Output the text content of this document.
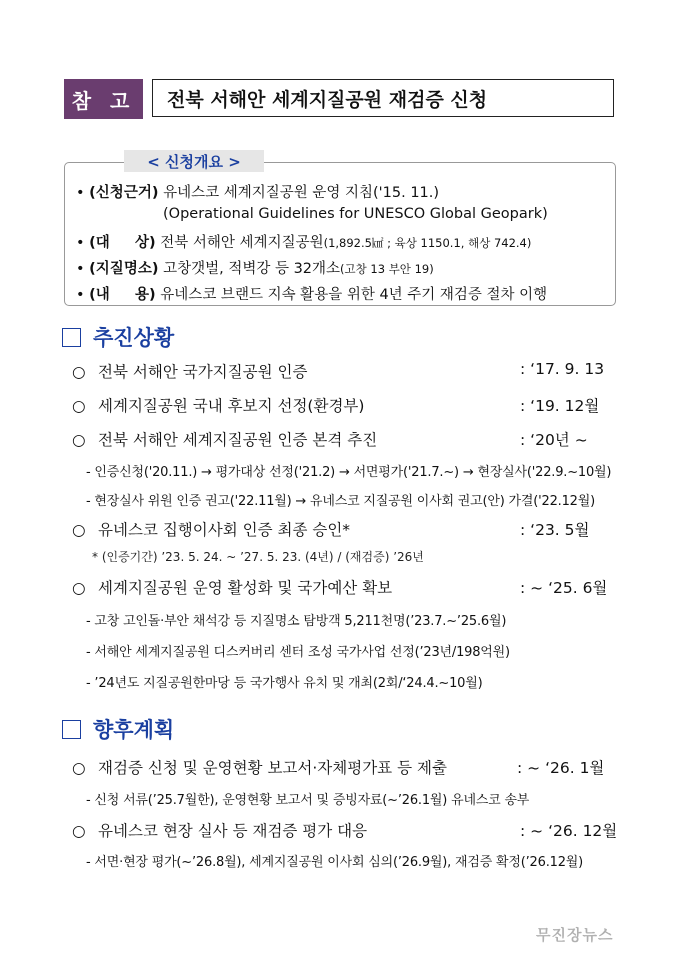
참 고	전북 서해안 세계지질공원 재검증 신청
< 신청개요 >
• (신청근거) 유네스코 세계지질공원 운영 지침('15. 11.)
(Operational Guidelines for UNESCO Global Geopark)
• (대     상) 전북 서해안 세계지질공원(1,892.5㎢ ; 육상 1150.1, 해상 742.4)
• (지질명소) 고창갯벌, 적벽강 등 32개소(고창 13 부안 19)
• (내     용) 유네스코 브랜드 지속 활용을 위한 4년 주기 재검증 절차 이행
추진상황
○ 전북 서해안 국가지질공원 인증	: ‘17. 9. 13
○ 세계지질공원 국내 후보지 선정(환경부)	: ‘19. 12월
○ 전북 서해안 세계지질공원 인증 본격 추진	: ‘20년 ~
- 인증신청('20.11.) → 평가대상 선정('21.2) → 서면평가('21.7.~) → 현장실사('22.9.~10월)
- 현장실사 위원 인증 권고('22.11월) → 유네스코 지질공원 이사회 권고(안) 가결('22.12월)
○ 유네스코 집행이사회 인증 최종 승인*	: ‘23. 5월
* (인증기간) ’23. 5. 24. ~ ’27. 5. 23. (4년) / (재검증) ’26년
○ 세계지질공원 운영 활성화 및 국가예산 확보	: ~ ‘25. 6월
- 고창 고인돌·부안 채석강 등 지질명소 탐방객 5,211천명(’23.7.~’25.6월)
- 서해안 세계지질공원 디스커버리 센터 조성 국가사업 선정(’23년/198억원)
- ’24년도 지질공원한마당 등 국가행사 유치 및 개최(2회/‘24.4.~10월)
향후계획
○ 재검증 신청 및 운영현황 보고서·자체평가표 등 제출	: ~ ‘26. 1월
- 신청 서류(’25.7월한), 운영현황 보고서 및 증빙자료(~’26.1월) 유네스코 송부
○ 유네스코 현장 실사 등 재검증 평가 대응	: ~ ‘26. 12월
- 서면·현장 평가(~’26.8월), 세계지질공원 이사회 심의(’26.9월), 재검증 확정(’26.12월)
무진장뉴스
